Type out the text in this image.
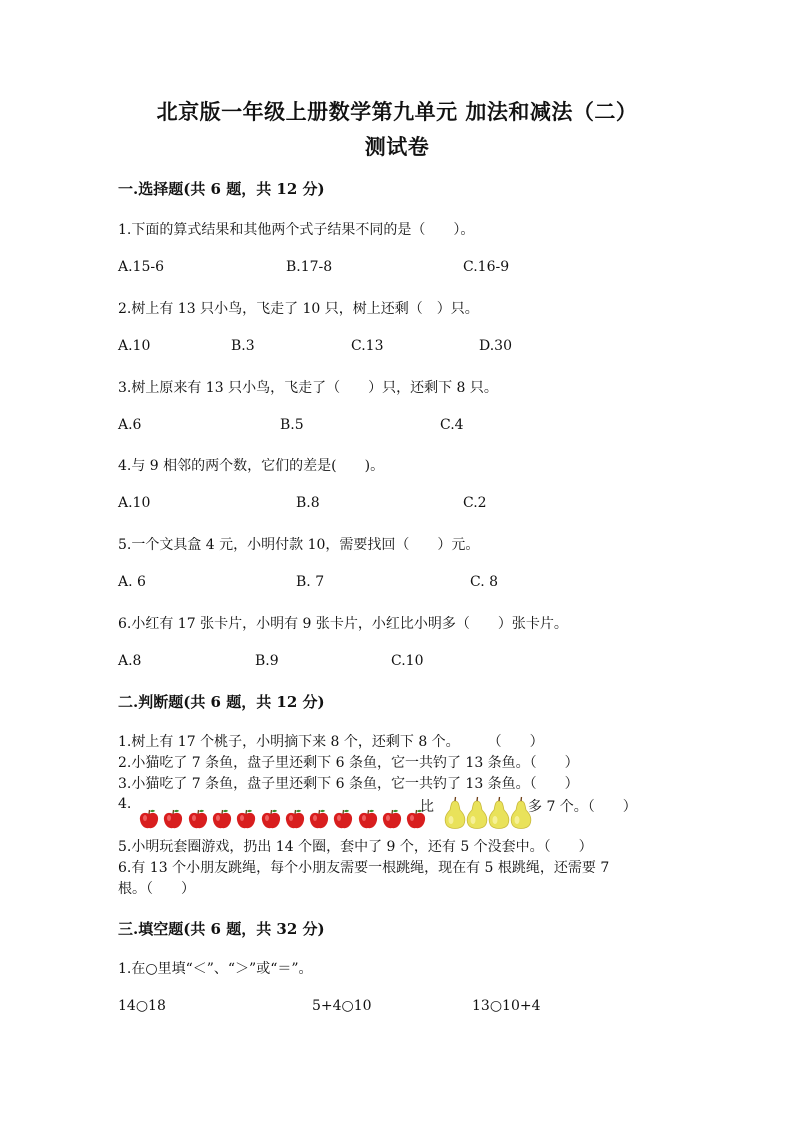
北京版一年级上册数学第九单元 加法和减法（二）
测试卷
一.选择题(共 6 题，共 12 分)
1.下面的算式结果和其他两个式子结果不同的是（　　）。
A.15-6	B.17-8	C.16-9
2.树上有 13 只小鸟，飞走了 10 只，树上还剩（　）只。
A.10	B.3	C.13	D.30
3.树上原来有 13 只小鸟，飞走了（　　）只，还剩下 8 只。
A.6	B.5	C.4
4.与 9 相邻的两个数，它们的差是(　　)。
A.10	B.8	C.2
5.一个文具盒 4 元，小明付款 10，需要找回（　　）元。
A. 6	B. 7	C. 8
6.小红有 17 张卡片，小明有 9 张卡片，小红比小明多（　　）张卡片。
A.8	B.9	C.10
二.判断题(共 6 题，共 12 分)
1.树上有 17 个桃子，小明摘下来 8 个，还剩下 8 个。　　　（　　）
2.小猫吃了 7 条鱼，盘子里还剩下 6 条鱼，它一共钓了 13 条鱼。（　　）
3.小猫吃了 7 条鱼，盘子里还剩下 6 条鱼，它一共钓了 13 条鱼。（　　）
4.	比	多 7 个。（　　）
5.小明玩套圈游戏，扔出 14 个圈，套中了 9 个，还有 5 个没套中。（　　）
6.有 13 个小朋友跳绳，每个小朋友需要一根跳绳，现在有 5 根跳绳，还需要 7
根。（　　）
三.填空题(共 6 题，共 32 分)
1.在○里填“＜”、“＞”或“＝”。
14○18	5+4○10	13○10+4
